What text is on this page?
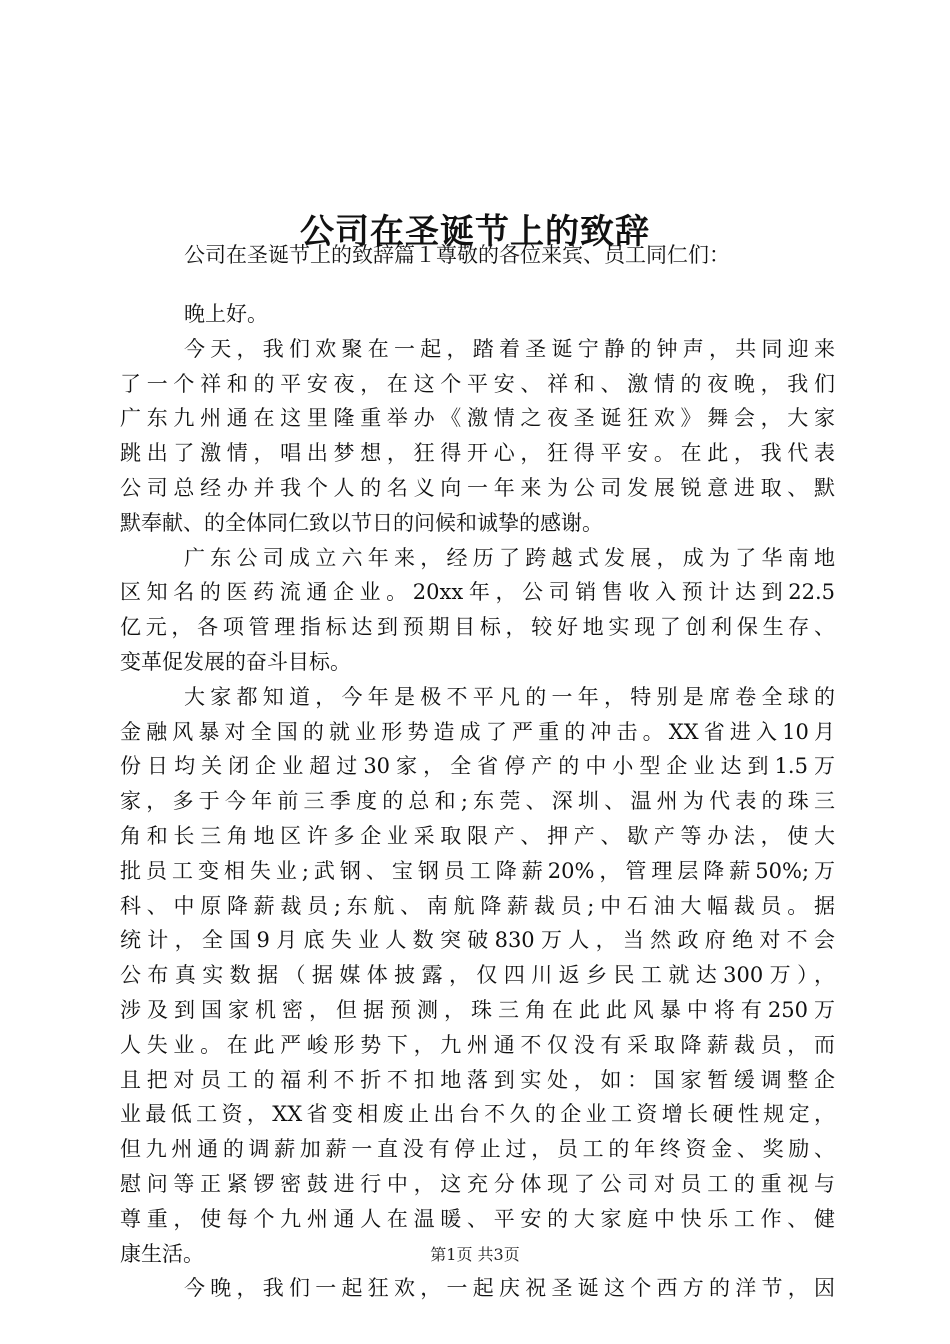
公司在圣诞节上的致辞
公司在圣诞节上的致辞篇１尊敬的各位来宾、员工同仁们：
晚上好。
今天，我们欢聚在一起，踏着圣诞宁静的钟声，共同迎来
了一个祥和的平安夜，在这个平安、祥和、激情的夜晚，我们
广东九州通在这里隆重举办《激情之夜圣诞狂欢》舞会，大家
跳出了激情，唱出梦想，狂得开心，狂得平安。在此，我代表
公司总经办并我个人的名义向一年来为公司发展锐意进取、默
默奉献、的全体同仁致以节日的问候和诚挚的感谢。
广东公司成立六年来，经历了跨越式发展，成为了华南地
区知名的医药流通企业。20xx年，公司销售收入预计达到22.5
亿元，各项管理指标达到预期目标，较好地实现了创利保生存、
变革促发展的奋斗目标。
大家都知道，今年是极不平凡的一年，特别是席卷全球的
金融风暴对全国的就业形势造成了严重的冲击。XX省进入10月
份日均关闭企业超过30家，全省停产的中小型企业达到1.5万
家，多于今年前三季度的总和;东莞、深圳、温州为代表的珠三
角和长三角地区许多企业采取限产、押产、歇产等办法，使大
批员工变相失业;武钢、宝钢员工降薪20%，管理层降薪50%;万
科、中原降薪裁员;东航、南航降薪裁员;中石油大幅裁员。据
统计，全国9月底失业人数突破830万人，当然政府绝对不会
公布真实数据（据媒体披露，仅四川返乡民工就达300万），
涉及到国家机密，但据预测，珠三角在此此风暴中将有250万
人失业。在此严峻形势下，九州通不仅没有采取降薪裁员，而
且把对员工的福利不折不扣地落到实处，如：国家暂缓调整企
业最低工资，XX省变相废止出台不久的企业工资增长硬性规定，
但九州通的调薪加薪一直没有停止过，员工的年终资金、奖励、
慰问等正紧锣密鼓进行中，这充分体现了公司对员工的重视与
尊重，使每个九州通人在温暖、平安的大家庭中快乐工作、健
康生活。
今晚，我们一起狂欢，一起庆祝圣诞这个西方的洋节，因
第1页 共3页
